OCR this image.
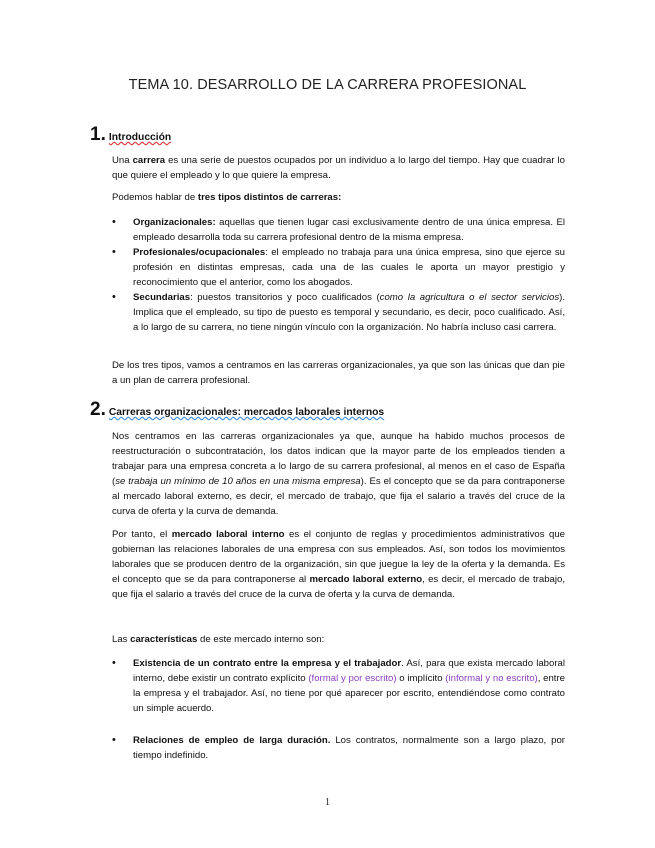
TEMA 10. DESARROLLO DE LA CARRERA PROFESIONAL
1. Introducción
Una carrera es una serie de puestos ocupados por un individuo a lo largo del tiempo. Hay que cuadrar lo que quiere el empleado y lo que quiere la empresa.
Podemos hablar de tres tipos distintos de carreras:
• Organizacionales: aquellas que tienen lugar casi exclusivamente dentro de una única empresa. El empleado desarrolla toda su carrera profesional dentro de la misma empresa.
• Profesionales/ocupacionales: el empleado no trabaja para una única empresa, sino que ejerce su profesión en distintas empresas, cada una de las cuales le aporta un mayor prestigio y reconocimiento que el anterior, como los abogados.
• Secundarias: puestos transitorios y poco cualificados (como la agricultura o el sector servicios). Implica que el empleado, su tipo de puesto es temporal y secundario, es decir, poco cualificado. Así, a lo largo de su carrera, no tiene ningún vínculo con la organización. No habría incluso casi carrera.
De los tres tipos, vamos a centramos en las carreras organizacionales, ya que son las únicas que dan pie a un plan de carrera profesional.
2. Carreras organizacionales: mercados laborales internos
Nos centramos en las carreras organizacionales ya que, aunque ha habido muchos procesos de reestructuración o subcontratación, los datos indican que la mayor parte de los empleados tienden a trabajar para una empresa concreta a lo largo de su carrera profesional, al menos en el caso de España (se trabaja un mínimo de 10 años en una misma empresa). Es el concepto que se da para contraponerse al mercado laboral externo, es decir, el mercado de trabajo, que fija el salario a través del cruce de la curva de oferta y la curva de demanda.
Por tanto, el mercado laboral interno es el conjunto de reglas y procedimientos administrativos que gobiernan las relaciones laborales de una empresa con sus empleados. Así, son todos los movimientos laborales que se producen dentro de la organización, sin que juegue la ley de la oferta y la demanda. Es el concepto que se da para contraponerse al mercado laboral externo, es decir, el mercado de trabajo, que fija el salario a través del cruce de la curva de oferta y la curva de demanda.
Las características de este mercado interno son:
• Existencia de un contrato entre la empresa y el trabajador. Así, para que exista mercado laboral interno, debe existir un contrato explícito (formal y por escrito) o implícito (informal y no escrito), entre la empresa y el trabajador. Así, no tiene por qué aparecer por escrito, entendiéndose como contrato un simple acuerdo.
• Relaciones de empleo de larga duración. Los contratos, normalmente son a largo plazo, por tiempo indefinido.
1
